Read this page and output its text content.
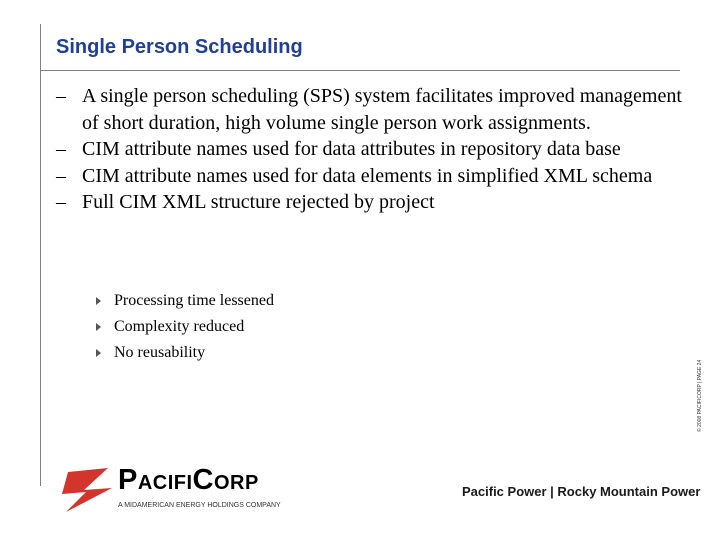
Single Person Scheduling
– A single person scheduling (SPS) system facilitates improved management of short duration, high volume single person work assignments.
– CIM attribute names used for data attributes in repository data base
– CIM attribute names used for data elements in simplified XML schema
– Full CIM XML structure rejected by project
Processing time lessened
Complexity reduced
No reusability
© 2008 PACIFICORP | PAGE 24
PacifiCorp
A MIDAMERICAN ENERGY HOLDINGS COMPANY
Pacific Power | Rocky Mountain Power
